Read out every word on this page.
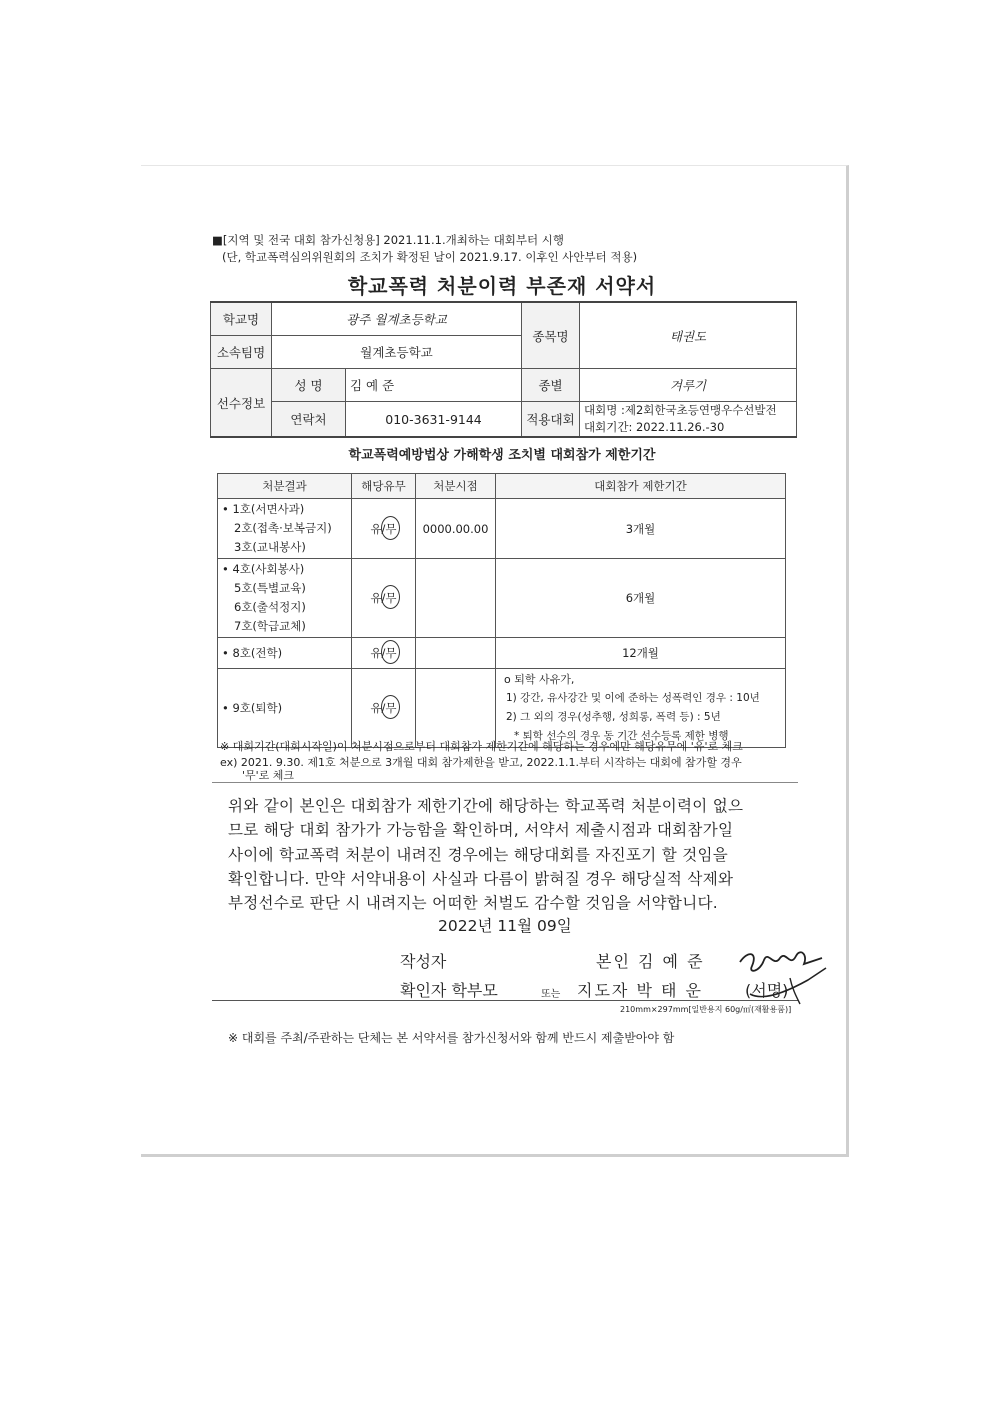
■[지역 및 전국 대회 참가신청용] 2021.11.1.개최하는 대회부터 시행
(단, 학교폭력심의위원회의 조치가 확정된 날이 2021.9.17. 이후인 사안부터 적용)
학교폭력 처분이력 부존재 서약서
학교명	광주 월계초등학교		종목명	태권도
소속팀명	월계초등학교			
선수정보	성 명	김 예 준	종별	겨루기
	연락처	010-3631-9144	적용대회	대회명 :제2회한국초등연맹우수선발전
대회기간: 2022.11.26.-30
학교폭력예방법상 가해학생 조치별 대회참가 제한기간
처분결과	해당유무	처분시점	대회참가 제한기간

• 1호(서면사과)
2호(접촉·보복금지)
3호(교내봉사)	유/무	0000.00.00	3개월

• 4호(사회봉사)
5호(특별교육)
6호(출석정지)
7호(학급교체)	유/무		6개월

• 8호(전학)	유/무		12개월

• 9호(퇴학)	유/무		o 퇴학 사유가,
1) 강간, 유사강간 및 이에 준하는 성폭력인 경우 : 10년
2) 그 외의 경우(성추행, 성희롱, 폭력 등) : 5년
* 퇴학 선수의 경우 동 기간 선수등록 제한 병행
※ 대회기간(대회시작일)이 처분시점으로부터 대회참가 제한기간에 해당하는 경우에만 해당유무에 '유'로 체크
ex) 2021. 9.30. 제1호 처분으로 3개월 대회 참가제한을 받고, 2022.1.1.부터 시작하는 대회에 참가할 경우
'무'로 체크
위와 같이 본인은 대회참가 제한기간에 해당하는 학교폭력 처분이력이 없으
므로 해당 대회 참가가 가능함을 확인하며, 서약서 제출시점과 대회참가일
사이에 학교폭력 처분이 내려진 경우에는 해당대회를 자진포기 할 것임을
확인합니다. 만약 서약내용이 사실과 다름이 밝혀질 경우 해당실적 삭제와
부정선수로 판단 시 내려지는 어떠한 처벌도 감수할 것임을 서약합니다.
2022년 11월 09일
작성자	본인 김 예 준
확인자 학부모	또는 지도자 박 태 운	(서명)
210mm×297mm[일반용지 60g/㎡(재활용품)]
※ 대회를 주최/주관하는 단체는 본 서약서를 참가신청서와 함께 반드시 제출받아야 함
